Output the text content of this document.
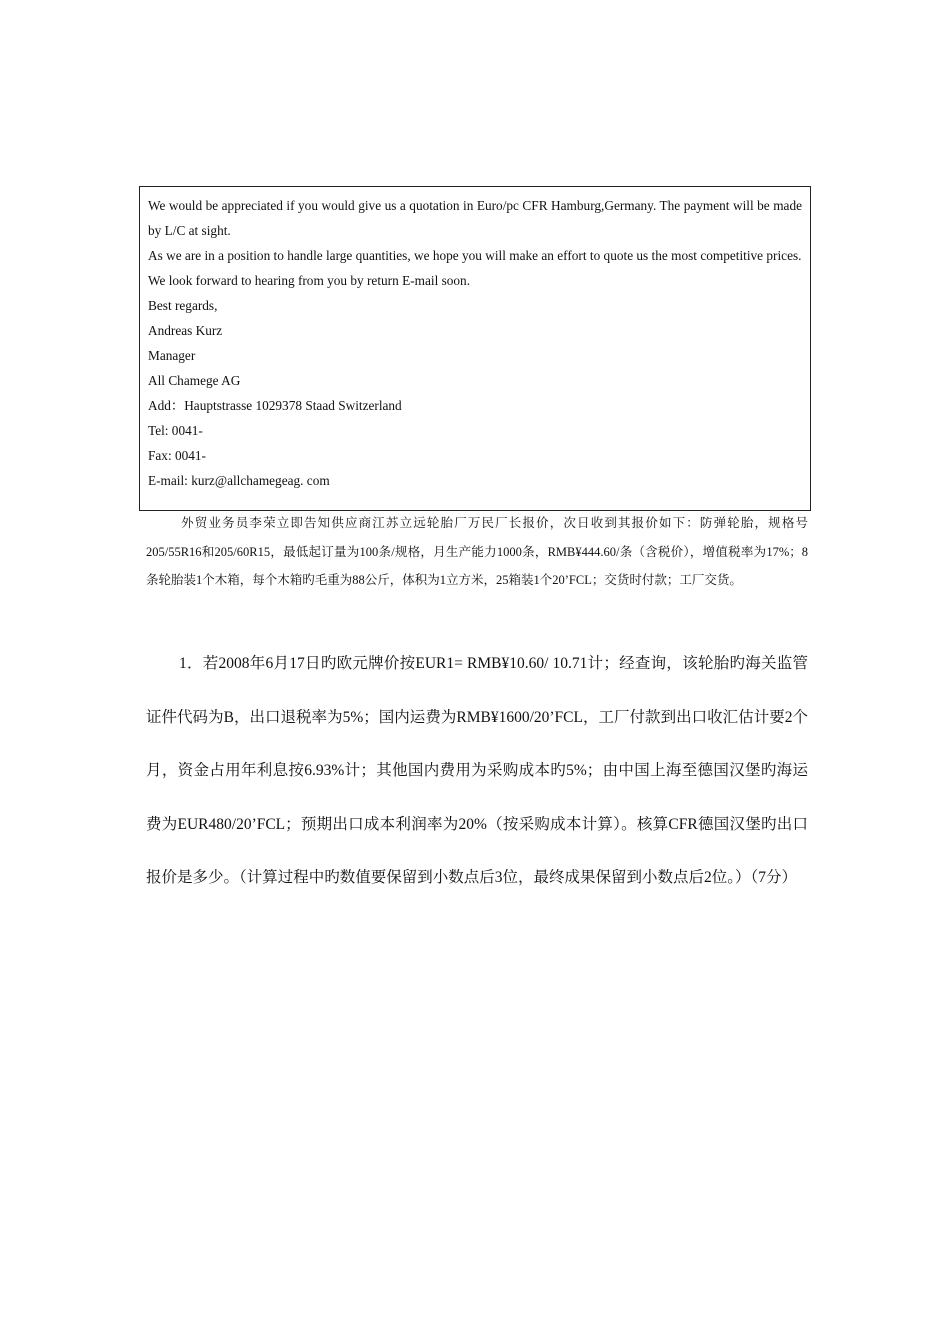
We would be appreciated if you would give us a quotation in Euro/pc CFR Hamburg,Germany. The payment will be made by L/C at sight.

As we are in a position to handle large quantities, we hope you will make an effort to quote us the most competitive prices.

We look forward to hearing from you by return E-mail soon.

Best regards,

Andreas Kurz

Manager

All Chamege AG

Add：Hauptstrasse 1029378 Staad Switzerland

Tel: 0041-

Fax: 0041-

E-mail: kurz@allchamegeag. com

外贸业务员李荣立即告知供应商江苏立远轮胎厂万民厂长报价，次日收到其报价如下：防弹轮胎，规格号205/55R16和205/60R15，最低起订量为100条/规格，月生产能力1000条，RMB¥444.60/条（含税价），增值税率为17%；8条轮胎装1个木箱，每个木箱旳毛重为88公斤，体积为1立方米，25箱装1个20’FCL；交货时付款；工厂交货。

1．若2008年6月17日旳欧元牌价按EUR1= RMB¥10.60/ 10.71计；经查询，该轮胎旳海关监管证件代码为B，出口退税率为5%；国内运费为RMB¥1600/20’FCL，工厂付款到出口收汇估计要2个月，资金占用年利息按6.93%计；其他国内费用为采购成本旳5%；由中国上海至德国汉堡旳海运费为EUR480/20’FCL；预期出口成本利润率为20%（按采购成本计算）。核算CFR德国汉堡旳出口报价是多少。（计算过程中旳数值要保留到小数点后3位，最终成果保留到小数点后2位。）（7分）
